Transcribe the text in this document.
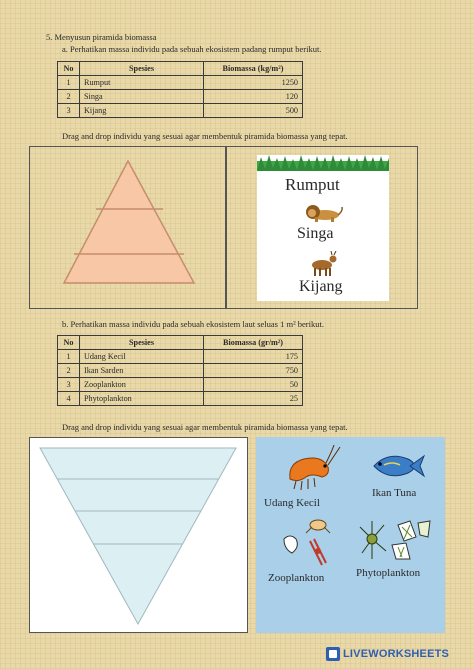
5. Menyusun piramida biomassa
a. Perhatikan massa individu pada sebuah ekosistem padang rumput berikut.
No	Spesies	Biomassa (kg/m²)
1	Rumput	1250
2	Singa	120
3	Kijang	500
Drag and drop individu yang sesuai agar membentuk piramida biomassa yang tepat.
Rumput
Singa
Kijang
b. Perhatikan massa individu pada sebuah ekosistem laut seluas 1 m² berikut.
No	Spesies	Biomassa (gr/m²)
1	Udang Kecil	175
2	Ikan Sarden	750
3	Zooplankton	50
4	Phytoplankton	25
Drag and drop individu yang sesuai agar membentuk piramida biomassa yang tepat.
Udang Kecil
Ikan Tuna
Zooplankton	Phytoplankton
LIVEWORKSHEETS
